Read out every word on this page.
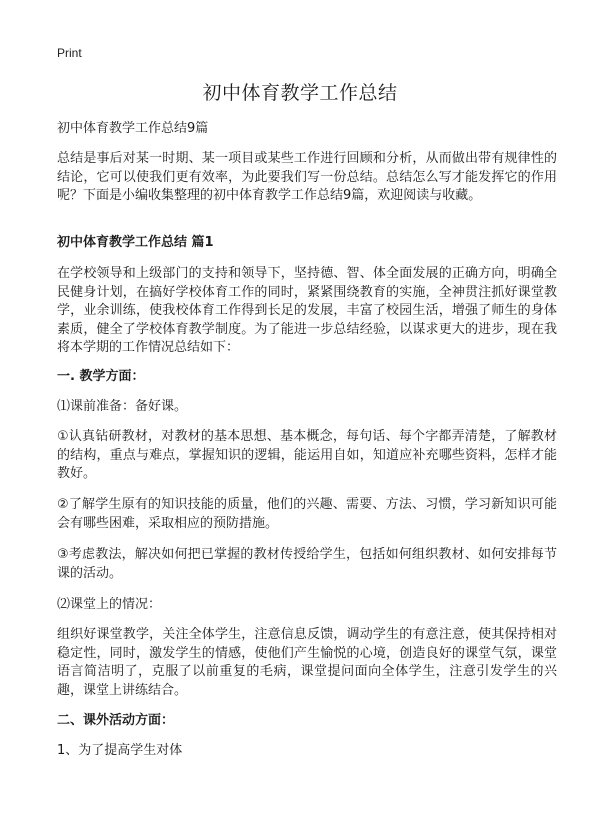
Print
初中体育教学工作总结
初中体育教学工作总结9篇

总结是事后对某一时期、某一项目或某些工作进行回顾和分析，从而做出带有规律性的结论，它可以使我们更有效率，为此要我们写一份总结。总结怎么写才能发挥它的作用呢？下面是小编收集整理的初中体育教学工作总结9篇，欢迎阅读与收藏。

初中体育教学工作总结 篇1

在学校领导和上级部门的支持和领导下，坚持德、智、体全面发展的正确方向，明确全民健身计划，在搞好学校体育工作的同时，紧紧围绕教育的实施，全神贯注抓好课堂教学，业余训练，使我校体育工作得到长足的发展，丰富了校园生活，增强了师生的身体素质，健全了学校体育教学制度。为了能进一步总结经验，以谋求更大的进步，现在我将本学期的工作情况总结如下：

一. 教学方面：

⑴课前准备：备好课。

①认真钻研教材，对教材的基本思想、基本概念，每句话、每个字都弄清楚，了解教材的结构，重点与难点，掌握知识的逻辑，能运用自如，知道应补充哪些资料，怎样才能教好。

②了解学生原有的知识技能的质量，他们的兴趣、需要、方法、习惯，学习新知识可能会有哪些困难，采取相应的预防措施。

③考虑教法，解决如何把已掌握的教材传授给学生，包括如何组织教材、如何安排每节课的活动。

⑵课堂上的情况：

组织好课堂教学，关注全体学生，注意信息反馈，调动学生的有意注意，使其保持相对稳定性，同时，激发学生的情感，使他们产生愉悦的心境，创造良好的课堂气氛，课堂语言简洁明了，克服了以前重复的毛病，课堂提问面向全体学生，注意引发学生的兴趣，课堂上讲练结合。

二、课外活动方面：

1、为了提高学生对体
